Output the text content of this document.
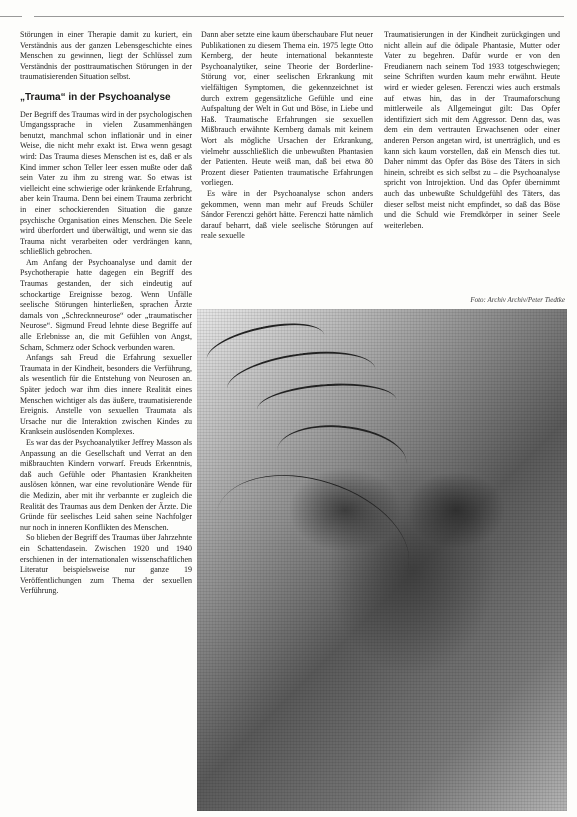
Störungen in einer Therapie damit zu kuriert, ein Verständnis aus der ganzen Lebensgeschichte eines Menschen zu gewinnen, liegt der Schlüssel zum Verständnis der posttraumatischen Störungen in der traumatisierenden Situation selbst.

„Trauma“ in der Psychoanalyse

Der Begriff des Traumas wird in der psychologischen Umgangssprache in vielen Zusammenhängen benutzt, manchmal schon inflationär und in einer Weise, die nicht mehr exakt ist. Etwa wenn gesagt wird: Das Trauma dieses Menschen ist es, daß er als Kind immer schon Teller leer essen mußte oder daß sein Vater zu ihm zu streng war. So etwas ist vielleicht eine schwierige oder kränkende Erfahrung, aber kein Trauma. Denn bei einem Trauma zerbricht in einer schockierenden Situation die ganze psychische Organisation eines Menschen. Die Seele wird überfordert und überwältigt, und wenn sie das Trauma nicht verarbeiten oder verdrängen kann, schließlich gebrochen.

Am Anfang der Psychoanalyse und damit der Psychotherapie hatte dagegen ein Begriff des Traumas gestanden, der sich eindeutig auf schockartige Ereignisse bezog. Wenn Unfälle seelische Störungen hinterließen, sprachen Ärzte damals von „Schrecknneurose“ oder „traumatischer Neurose“. Sigmund Freud lehnte diese Begriffe auf alle Erlebnisse an, die mit Gefühlen von Angst, Scham, Schmerz oder Schock verbunden waren.

Anfangs sah Freud die Erfahrung sexueller Traumata in der Kindheit, besonders die Verführung, als wesentlich für die Entstehung von Neurosen an. Später jedoch war ihm dies innere Realität eines Menschen wichtiger als das äußere, traumatisierende Ereignis. Anstelle von sexuellen Traumata als Ursache nur die Interaktion zwischen Kindes zu Kranksein auslösenden Komplexes.

Es war das der Psychoanalytiker Jeffrey Masson als Anpassung an die Gesellschaft und Verrat an den mißbrauchten Kindern vorwarf. Freuds Erkenntnis, daß auch Gefühle oder Phantasien Krankheiten auslösen können, war eine revolutionäre Wende für die Medizin, aber mit ihr verbannte er zugleich die Realität des Traumas aus dem Denken der Ärzte. Die Gründe für seelisches Leid sahen seine Nachfolger nur noch in inneren Konflikten des Menschen.

So blieben der Begriff des Traumas über Jahrzehnte ein Schattendasein. Zwischen 1920 und 1940 erschienen in der internationalen wissenschaftlichen Literatur beispielsweise nur ganze 19 Veröffentlichungen zum Thema der sexuellen Verführung.

Dann aber setzte eine kaum überschaubare Flut neuer Publikationen zu diesem Thema ein. 1975 legte Otto Kernberg, der heute international bekannteste Psychoanalytiker, seine Theorie der Borderline-Störung vor, einer seelischen Erkrankung mit vielfältigen Symptomen, die gekennzeichnet ist durch extrem gegensätzliche Gefühle und eine Aufspaltung der Welt in Gut und Böse, in Liebe und Haß. Traumatische Erfahrungen sie sexuellen Mißbrauch erwähnte Kernberg damals mit keinem Wort als mögliche Ursachen der Erkrankung, vielmehr ausschließlich die unbewußten Phantasien der Patienten. Heute weiß man, daß bei etwa 80 Prozent dieser Patienten traumatische Erfahrungen vorliegen.

Es wäre in der Psychoanalyse schon anders gekommen, wenn man mehr auf Freuds Schüler Sándor Ferenczi gehört hätte. Ferenczi hatte nämlich darauf beharrt, daß viele seelische Störungen auf reale sexuelle

Traumatisierungen in der Kindheit zurückgingen und nicht allein auf die ödipale Phantasie, Mutter oder Vater zu begehren. Dafür wurde er von den Freudianern nach seinem Tod 1933 totgeschwiegen; seine Schriften wurden kaum mehr erwähnt. Heute wird er wieder gelesen. Ferenczi wies auch erstmals auf etwas hin, das in der Traumaforschung mittlerweile als Allgemeingut gilt: Das Opfer identifiziert sich mit dem Aggressor. Denn das, was dem ein dem vertrauten Erwachsenen oder einer anderen Person angetan wird, ist unerträglich, und es kann sich kaum vorstellen, daß ein Mensch dies tut. Daher nimmt das Opfer das Böse des Täters in sich hinein, schreibt es sich selbst zu – die Psychoanalyse spricht von Introjektion. Und das Opfer übernimmt auch das unbewußte Schuldgefühl des Täters, das dieser selbst meist nicht empfindet, so daß das Böse und die Schuld wie Fremdkörper in seiner Seele weiterleben.

Foto: Archiv Archiv/Peter Tiedtke
